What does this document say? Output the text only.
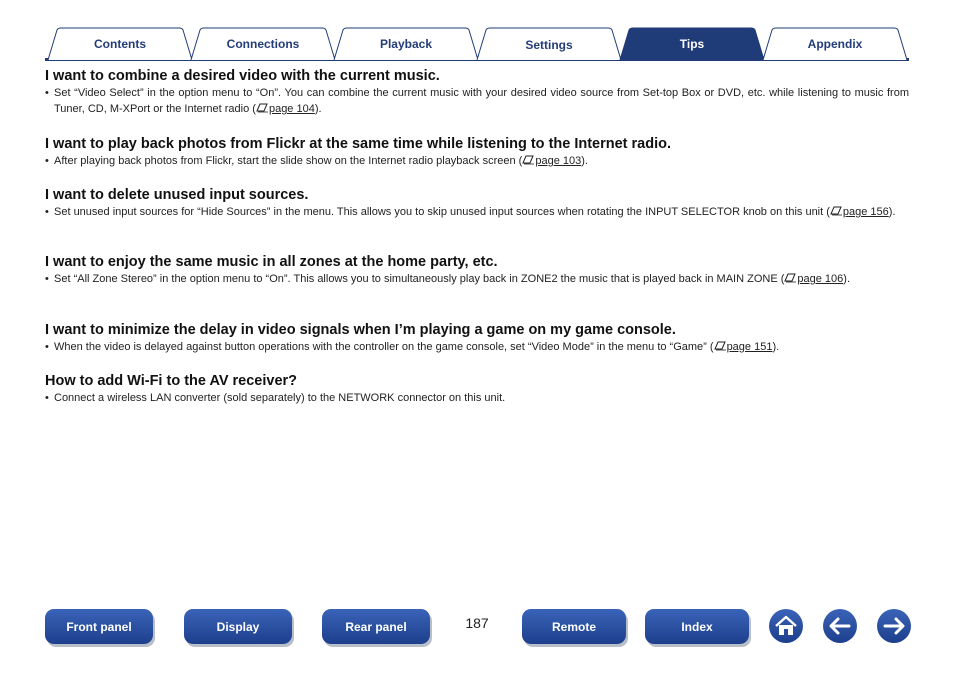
Contents	Connections	Playback	Settings	Tips	Appendix
I want to combine a desired video with the current music.
• Set “Video Select” in the option menu to “On”. You can combine the current music with your desired video source from Set-top Box or DVD, etc. while listening to music from Tuner, CD, M-XPort or the Internet radio ( page 104).
I want to play back photos from Flickr at the same time while listening to the Internet radio.
• After playing back photos from Flickr, start the slide show on the Internet radio playback screen ( page 103).
I want to delete unused input sources.
• Set unused input sources for “Hide Sources” in the menu. This allows you to skip unused input sources when rotating the INPUT SELECTOR knob on this unit ( page 156).
I want to enjoy the same music in all zones at the home party, etc.
• Set “All Zone Stereo” in the option menu to “On”. This allows you to simultaneously play back in ZONE2 the music that is played back in MAIN ZONE ( page 106).
I want to minimize the delay in video signals when I’m playing a game on my game console.
• When the video is delayed against button operations with the controller on the game console, set “Video Mode” in the menu to “Game” ( page 151).
How to add Wi-Fi to the AV receiver?
• Connect a wireless LAN converter (sold separately) to the NETWORK connector on this unit.
Front panel	Display	Rear panel	187	Remote	Index
